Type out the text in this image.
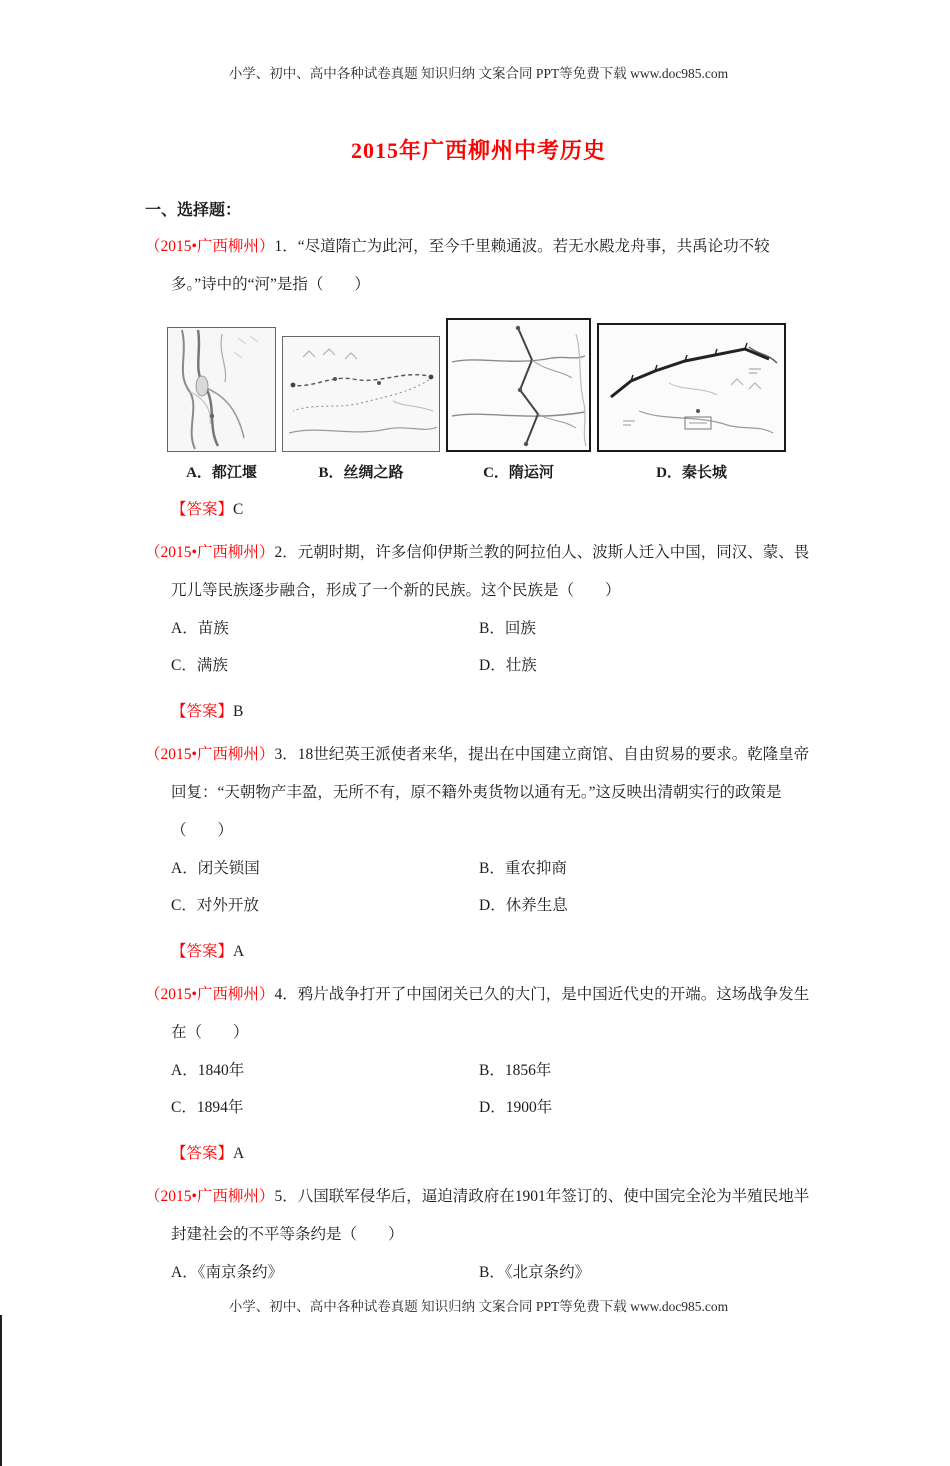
小学、初中、高中各种试卷真题 知识归纳 文案合同 PPT等免费下载 www.doc985.com
2015年广西柳州中考历史
一、选择题：

（2015•广西柳州）1．“尽道隋亡为此河，至今千里赖通波。若无水殿龙舟事，共禹论功不较多。”诗中的“河”是指（　　）

A．都江堰	B．丝绸之路	C．隋运河	D．秦长城

【答案】C

（2015•广西柳州）2．元朝时期，许多信仰伊斯兰教的阿拉伯人、波斯人迁入中国，同汉、蒙、畏兀儿等民族逐步融合，形成了一个新的民族。这个民族是（　　）

A．苗族	B．回族
C．满族	D．壮族

【答案】B

（2015•广西柳州）3．18世纪英王派使者来华，提出在中国建立商馆、自由贸易的要求。乾隆皇帝回复：“天朝物产丰盈，无所不有，原不籍外夷货物以通有无。”这反映出清朝实行的政策是（　　）

A．闭关锁国	B．重农抑商
C．对外开放	D．休养生息

【答案】A

（2015•广西柳州）4．鸦片战争打开了中国闭关已久的大门，是中国近代史的开端。这场战争发生在（　　）

A．1840年	B．1856年
C．1894年	D．1900年

【答案】A

（2015•广西柳州）5．八国联军侵华后，逼迫清政府在1901年签订的、使中国完全沦为半殖民地半封建社会的不平等条约是（　　）

A．《南京条约》	B．《北京条约》
小学、初中、高中各种试卷真题 知识归纳 文案合同 PPT等免费下载 www.doc985.com
